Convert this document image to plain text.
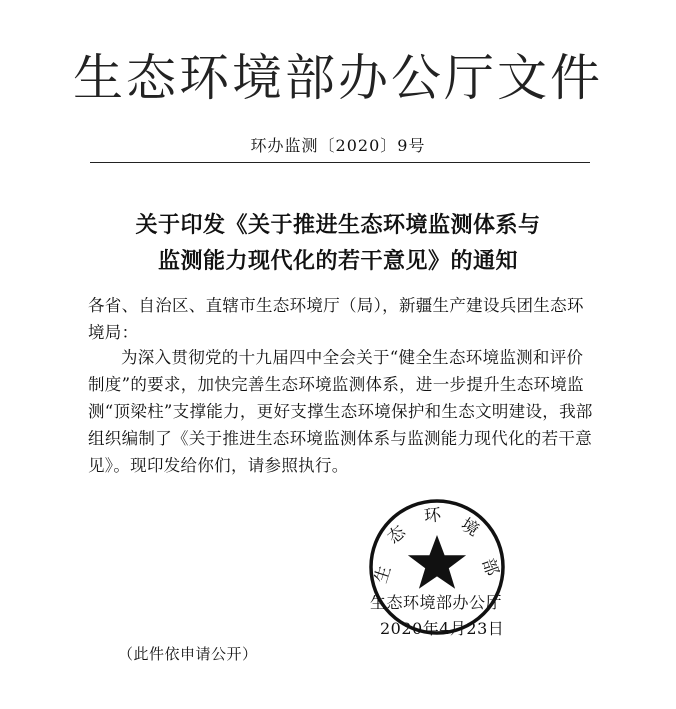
生态环境部办公厅文件
环办监测〔2020〕9号
关于印发《关于推进生态环境监测体系与
监测能力现代化的若干意见》的通知
各省、自治区、直辖市生态环境厅（局），新疆生产建设兵团生态环境局：
为深入贯彻党的十九届四中全会关于“健全生态环境监测和评价制度”的要求，加快完善生态环境监测体系，进一步提升生态环境监测“顶梁柱”支撑能力，更好支撑生态环境保护和生态文明建设，我部组织编制了《关于推进生态环境监测体系与监测能力现代化的若干意见》。现印发给你们，请参照执行。
生
态
环 境
部
生态环境部办公厅
2020年4月23日
（此件依申请公开）
